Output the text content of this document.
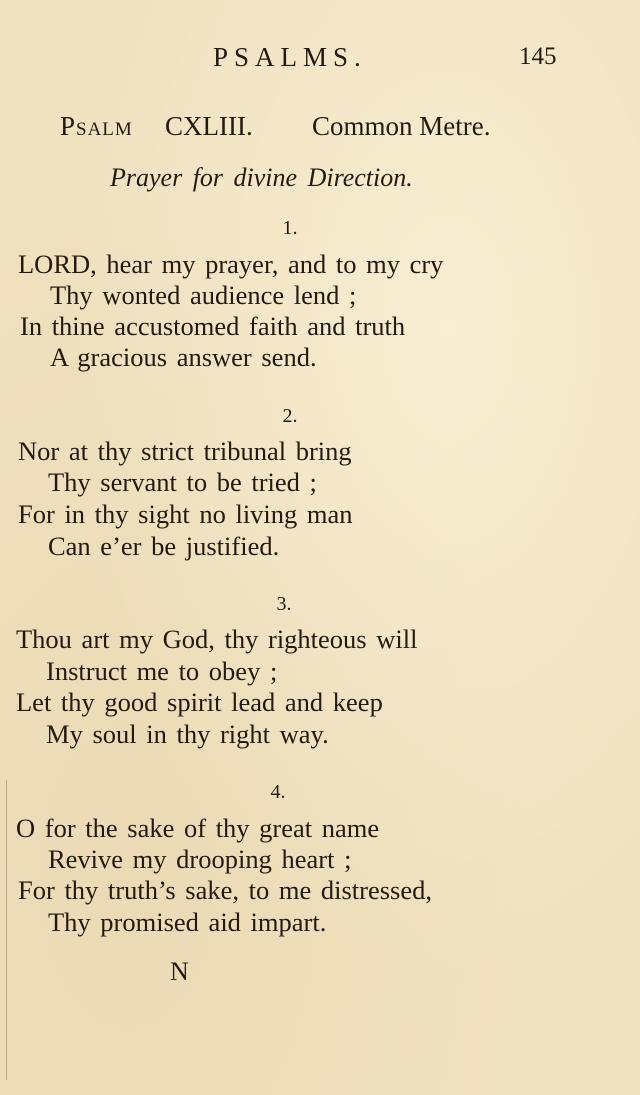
PSALMS.	145
Psalm CXLIII. Common Metre.
Prayer for divine Direction.
1.
LORD, hear my prayer, and to my cry
Thy wonted audience lend ;
In thine accustomed faith and truth
A gracious answer send.
2.
Nor at thy strict tribunal bring
Thy servant to be tried ;
For in thy sight no living man
Can e’er be justified.
3.
Thou art my God, thy righteous will
Instruct me to obey ;
Let thy good spirit lead and keep
My soul in thy right way.
4.
O for the sake of thy great name
Revive my drooping heart ;
For thy truth’s sake, to me distressed,
Thy promised aid impart.
N
